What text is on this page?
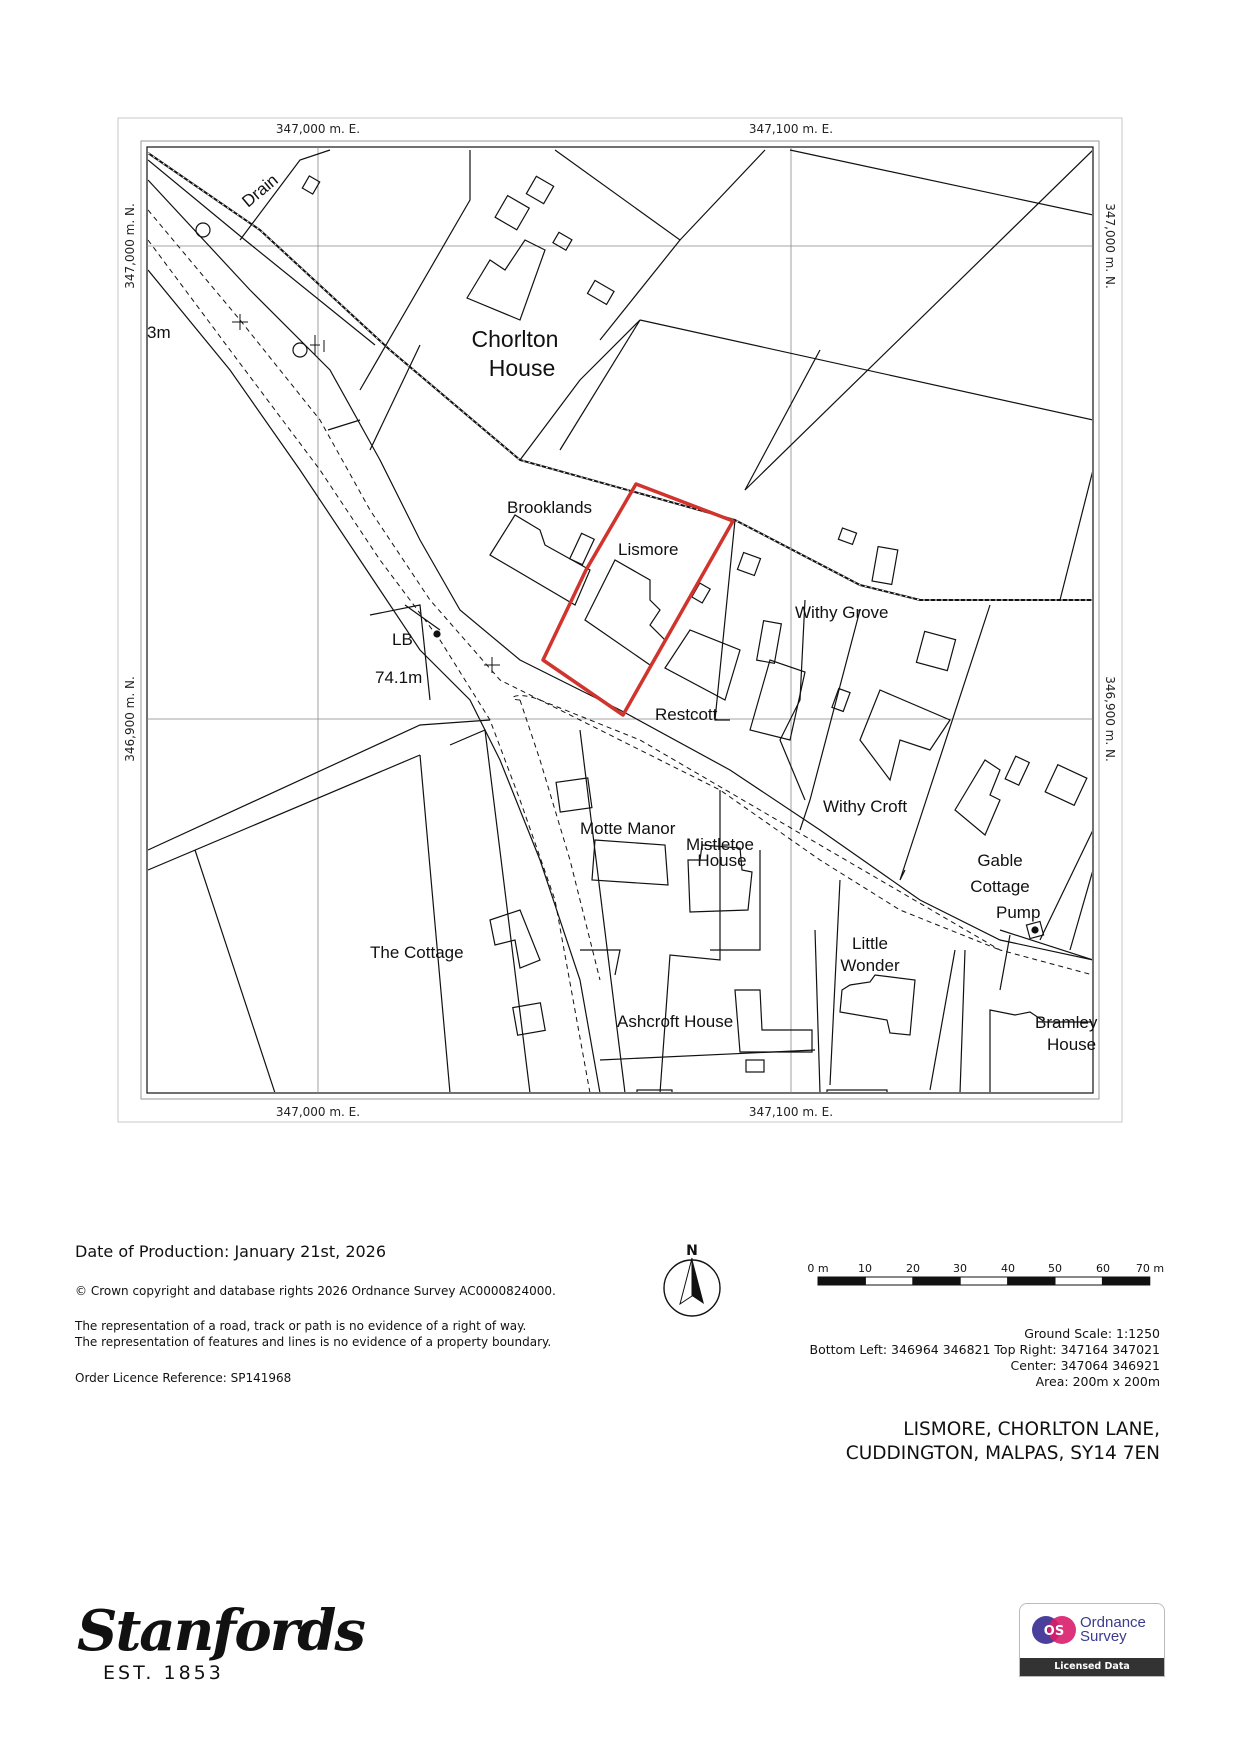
347,000 m. E.	347,100 m. E.
347,000 m. E.	347,100 m. E.
347,000 m. N.
346,900 m. N.
347,000 m. N.
346,900 m. N.
Drain
3m	Chorlton
House
Brooklands
Lismore
Withy Grove
LB
74.1m
Restcott
Motte Manor
Mistletoe
House
Withy Croft
Gable
Cottage
Pump
The Cottage	Little
Wonder
Ashcroft House	Bramley
House
N
0 m	10	20	30	40	50	60 70 m
Date of Production: January 21st, 2026
© Crown copyright and database rights 2026 Ordnance Survey AC0000824000.
The representation of a road, track or path is no evidence of a right of way.
The representation of features and lines is no evidence of a property boundary.
Order Licence Reference: SP141968
Ground Scale: 1:1250
Bottom Left: 346964 346821 Top Right: 347164 347021
Center: 347064 346921
Area: 200m x 200m
LISMORE, CHORLTON LANE,
CUDDINGTON, MALPAS, SY14 7EN
Stanfords
EST. 1853
OS
Ordnance
Survey
Licensed Data
